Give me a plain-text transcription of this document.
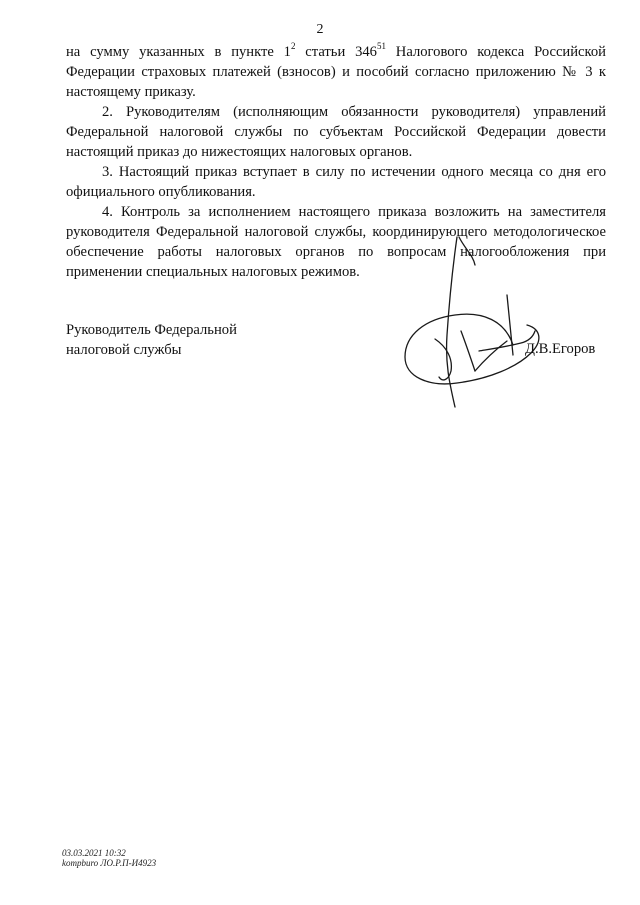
2

на сумму указанных в пункте $1^2$ статьи $346^{51}$ Налогового кодекса Российской Федерации страховых платежей (взносов) и пособий согласно приложению № 3 к настоящему приказу.

2. Руководителям (исполняющим обязанности руководителя) управлений Федеральной налоговой службы по субъектам Российской Федерации довести настоящий приказ до нижестоящих налоговых органов.

3. Настоящий приказ вступает в силу по истечении одного месяца со дня его официального опубликования.

4. Контроль за исполнением настоящего приказа возложить на заместителя руководителя Федеральной налоговой службы, координирующего методологическое обеспечение работы налоговых органов по вопросам налогообложения при применении специальных налоговых режимов.

Руководитель Федеральной
налоговой службы	Д.В.Егоров
03.03.2021 10:32
kompburo ЛО.Р.П-И4923
